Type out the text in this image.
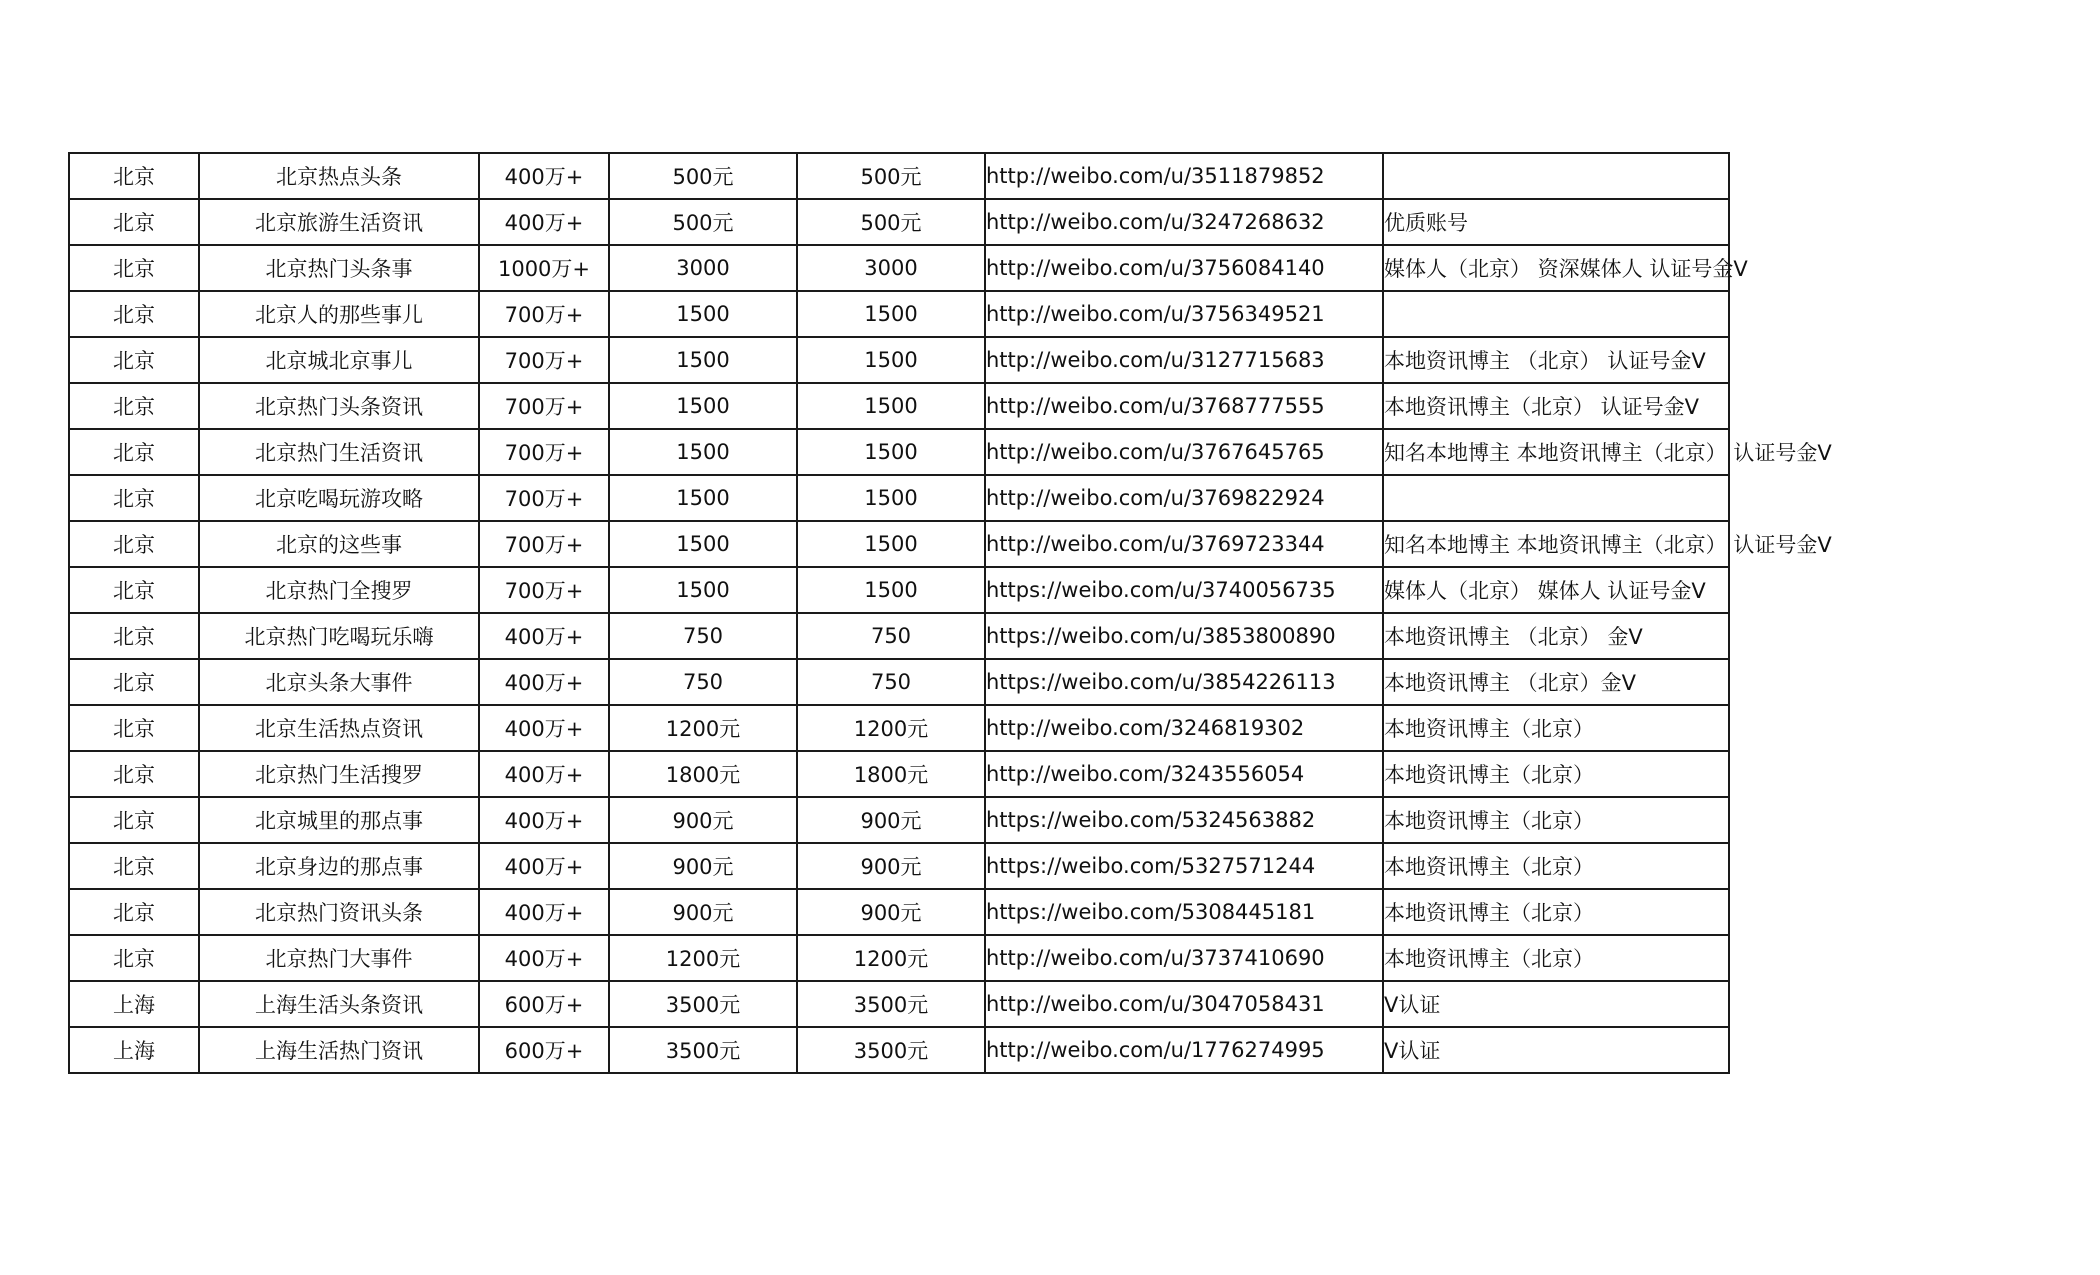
北京	北京热点头条	400万+	500元	500元	http://weibo.com/u/3511879852	
北京	北京旅游生活资讯	400万+	500元	500元	http://weibo.com/u/3247268632	优质账号
北京	北京热门头条事	1000万+	3000	3000	http://weibo.com/u/3756084140	媒体人（北京） 资深媒体人 认证号金V
北京	北京人的那些事儿	700万+	1500	1500	http://weibo.com/u/3756349521	
北京	北京城北京事儿	700万+	1500	1500	http://weibo.com/u/3127715683	本地资讯博主 （北京） 认证号金V
北京	北京热门头条资讯	700万+	1500	1500	http://weibo.com/u/3768777555	本地资讯博主（北京） 认证号金V
北京	北京热门生活资讯	700万+	1500	1500	http://weibo.com/u/3767645765	知名本地博主 本地资讯博主（北京） 认证号金V
北京	北京吃喝玩游攻略	700万+	1500	1500	http://weibo.com/u/3769822924	
北京	北京的这些事	700万+	1500	1500	http://weibo.com/u/3769723344	知名本地博主 本地资讯博主（北京） 认证号金V
北京	北京热门全搜罗	700万+	1500	1500	https://weibo.com/u/3740056735	媒体人（北京） 媒体人 认证号金V
北京	北京热门吃喝玩乐嗨	400万+	750	750	https://weibo.com/u/3853800890	本地资讯博主 （北京） 金V
北京	北京头条大事件	400万+	750	750	https://weibo.com/u/3854226113	本地资讯博主 （北京）金V
北京	北京生活热点资讯	400万+	1200元	1200元	http://weibo.com/3246819302	本地资讯博主（北京）
北京	北京热门生活搜罗	400万+	1800元	1800元	http://weibo.com/3243556054	本地资讯博主（北京）
北京	北京城里的那点事	400万+	900元	900元	https://weibo.com/5324563882	本地资讯博主（北京）
北京	北京身边的那点事	400万+	900元	900元	https://weibo.com/5327571244	本地资讯博主（北京）
北京	北京热门资讯头条	400万+	900元	900元	https://weibo.com/5308445181	本地资讯博主（北京）
北京	北京热门大事件	400万+	1200元	1200元	http://weibo.com/u/3737410690	本地资讯博主（北京）
上海	上海生活头条资讯	600万+	3500元	3500元	http://weibo.com/u/3047058431	V认证
上海	上海生活热门资讯	600万+	3500元	3500元	http://weibo.com/u/1776274995	V认证
